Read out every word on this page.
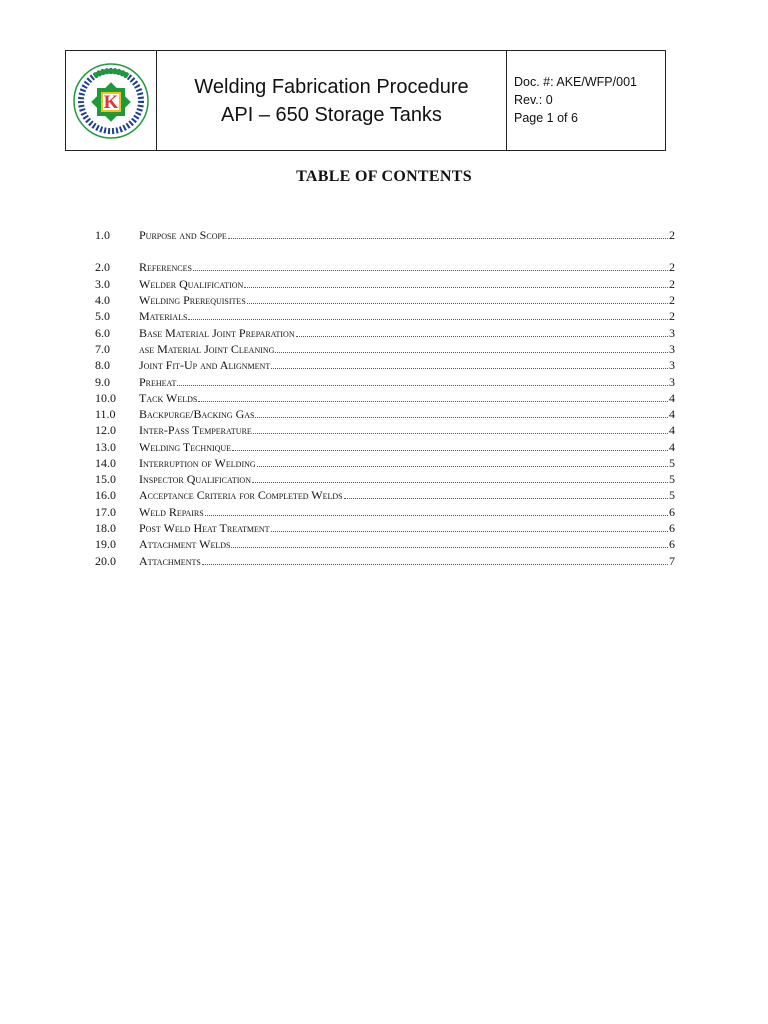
K
Welding Fabrication Procedure
API – 650 Storage Tanks
Doc. #: AKE/WFP/001
Rev.: 0
Page 1 of 6
TABLE OF CONTENTS
1.0	Purpose and Scope	2
2.0	References	2
3.0	Welder Qualification	2
4.0	Welding Prerequisites	2
5.0	Materials	2
6.0	Base Material Joint Preparation	3
7.0	ase Material Joint Cleaning	3
8.0	Joint Fit-Up and Alignment	3
9.0	Preheat	3
10.0	Tack Welds	4
11.0	Backpurge/Backing Gas	4
12.0	Inter-Pass Temperature	4
13.0	Welding Technique	4
14.0	Interruption of Welding	5
15.0	Inspector Qualification	5
16.0	Acceptance Criteria for Completed Welds	5
17.0	Weld Repairs	6
18.0	Post Weld Heat Treatment	6
19.0	Attachment Welds	6
20.0	Attachments	7
